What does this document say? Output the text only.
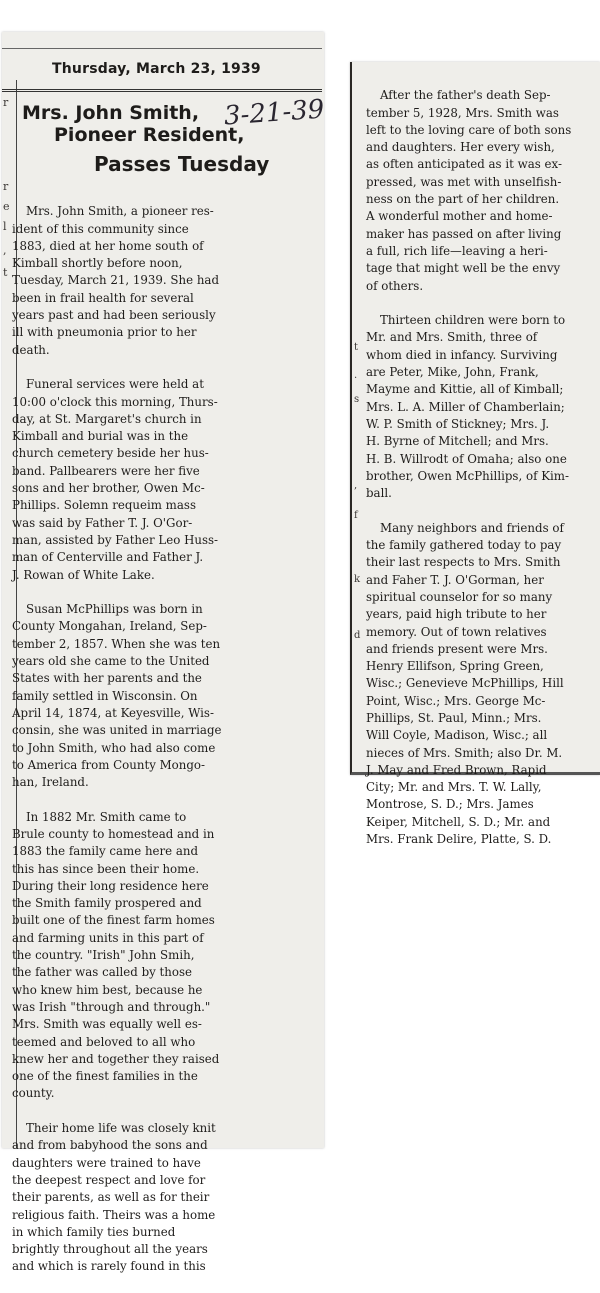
r
r
e
l
,
t
t
.
s
,
f
k
d
Thursday, March 23, 1939
Mrs. John Smith,
Pioneer Resident,
Passes Tuesday
3-21-39

Mrs. John Smith, a pioneer res-
ident of this community since
1883, died at her home south of
Kimball shortly before noon,
Tuesday, March 21, 1939. She had
been in frail health for several
years past and had been seriously
ill with pneumonia prior to her
death.

Funeral services were held at
10:00 o'clock this morning, Thurs-
day, at St. Margaret's church in
Kimball and burial was in the
church cemetery beside her hus-
band. Pallbearers were her five
sons and her brother, Owen Mc-
Phillips. Solemn requeim mass
was said by Father T. J. O'Gor-
man, assisted by Father Leo Huss-
man of Centerville and Father J.
J. Rowan of White Lake.

Susan McPhillips was born in
County Mongahan, Ireland, Sep-
tember 2, 1857. When she was ten
years old she came to the United
States with her parents and the
family settled in Wisconsin. On
April 14, 1874, at Keyesville, Wis-
consin, she was united in marriage
to John Smith, who had also come
to America from County Mongo-
han, Ireland.

In 1882 Mr. Smith came to
Brule county to homestead and in
1883 the family came here and
this has since been their home.
During their long residence here
the Smith family prospered and
built one of the finest farm homes
and farming units in this part of
the country. "Irish" John Smih,
the father was called by those
who knew him best, because he
was Irish "through and through."
Mrs. Smith was equally well es-
teemed and beloved to all who
knew her and together they raised
one of the finest families in the
county.

Their home life was closely knit
and from babyhood the sons and
daughters were trained to have
the deepest respect and love for
their parents, as well as for their
religious faith. Theirs was a home
in which family ties burned
brightly throughout all the years
and which is rarely found in this

After the father's death Sep-
tember 5, 1928, Mrs. Smith was
left to the loving care of both sons
and daughters. Her every wish,
as often anticipated as it was ex-
pressed, was met with unselfish-
ness on the part of her children.
A wonderful mother and home-
maker has passed on after living
a full, rich life—leaving a heri-
tage that might well be the envy
of others.

Thirteen children were born to
Mr. and Mrs. Smith, three of
whom died in infancy. Surviving
are Peter, Mike, John, Frank,
Mayme and Kittie, all of Kimball;
Mrs. L. A. Miller of Chamberlain;
W. P. Smith of Stickney; Mrs. J.
H. Byrne of Mitchell; and Mrs.
H. B. Willrodt of Omaha; also one
brother, Owen McPhillips, of Kim-
ball.

Many neighbors and friends of
the family gathered today to pay
their last respects to Mrs. Smith
and Faher T. J. O'Gorman, her
spiritual counselor for so many
years, paid high tribute to her
memory. Out of town relatives
and friends present were Mrs.
Henry Ellifson, Spring Green,
Wisc.; Genevieve McPhillips, Hill
Point, Wisc.; Mrs. George Mc-
Phillips, St. Paul, Minn.; Mrs.
Will Coyle, Madison, Wisc.; all
nieces of Mrs. Smith; also Dr. M.
J. May and Fred Brown, Rapid
City; Mr. and Mrs. T. W. Lally,
Montrose, S. D.; Mrs. James
Keiper, Mitchell, S. D.; Mr. and
Mrs. Frank Delire, Platte, S. D.
